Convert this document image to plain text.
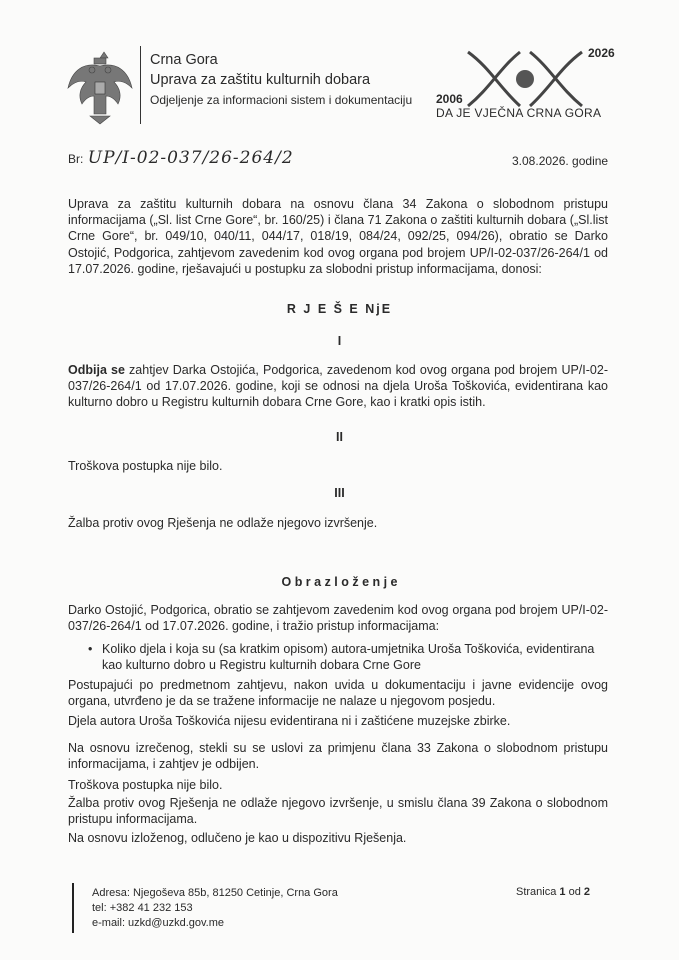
Crna Gora
Uprava za zaštitu kulturnih dobara
Odjeljenje za informacioni sistem i dokumentaciju
2026
2006
DA JE VJEČNA CRNA GORA
Br: UP/I-02-037/26-264/2	3.08.2026. godine
Uprava za zaštitu kulturnih dobara na osnovu člana 34 Zakona o slobodnom pristupu informacijama („Sl. list Crne Gore“, br. 160/25) i člana 71 Zakona o zaštiti kulturnih dobara („Sl.list Crne Gore“, br. 049/10, 040/11, 044/17, 018/19, 084/24, 092/25, 094/26), obratio se Darko Ostojić, Podgorica, zahtjevom zavedenim kod ovog organa pod brojem UP/I-02-037/26-264/1 od 17.07.2026. godine, rješavajući u postupku za slobodni pristup informacijama, donosi:
R J E Š E NjE
I
Odbija se zahtjev Darka Ostojića, Podgorica, zavedenom kod ovog organa pod brojem UP/I-02-037/26-264/1 od 17.07.2026. godine, koji se odnosi na djela Uroša Toškovića, evidentirana kao kulturno dobro u Registru kulturnih dobara Crne Gore, kao i kratki opis istih.
II
Troškova postupka nije bilo.
III
Žalba protiv ovog Rješenja ne odlaže njegovo izvršenje.
O b r a z l o ž e n j e
Darko Ostojić, Podgorica, obratio se zahtjevom zavedenim kod ovog organa pod brojem UP/I-02-037/26-264/1 od 17.07.2026. godine, i tražio pristup informacijama:
• Koliko djela i koja su (sa kratkim opisom) autora-umjetnika Uroša Toškovića, evidentirana kao kulturno dobro u Registru kulturnih dobara Crne Gore
Postupajući po predmetnom zahtjevu, nakon uvida u dokumentaciju i javne evidencije ovog organa, utvrđeno je da se tražene informacije ne nalaze u njegovom posjedu.
Djela autora Uroša Toškovića nijesu evidentirana ni i zaštićene muzejske zbirke.
Na osnovu izrečenog, stekli su se uslovi za primjenu člana 33 Zakona o slobodnom pristupu informacijama, i zahtjev je odbijen.
Troškova postupka nije bilo.
Žalba protiv ovog Rješenja ne odlaže njegovo izvršenje, u smislu člana 39 Zakona o slobodnom pristupu informacijama.
Na osnovu izloženog, odlučeno je kao u dispozitivu Rješenja.
Adresa: Njegoševa 85b, 81250 Cetinje, Crna Gora
tel: +382 41 232 153
e-mail: uzkd@uzkd.gov.me
Stranica 1 od 2
